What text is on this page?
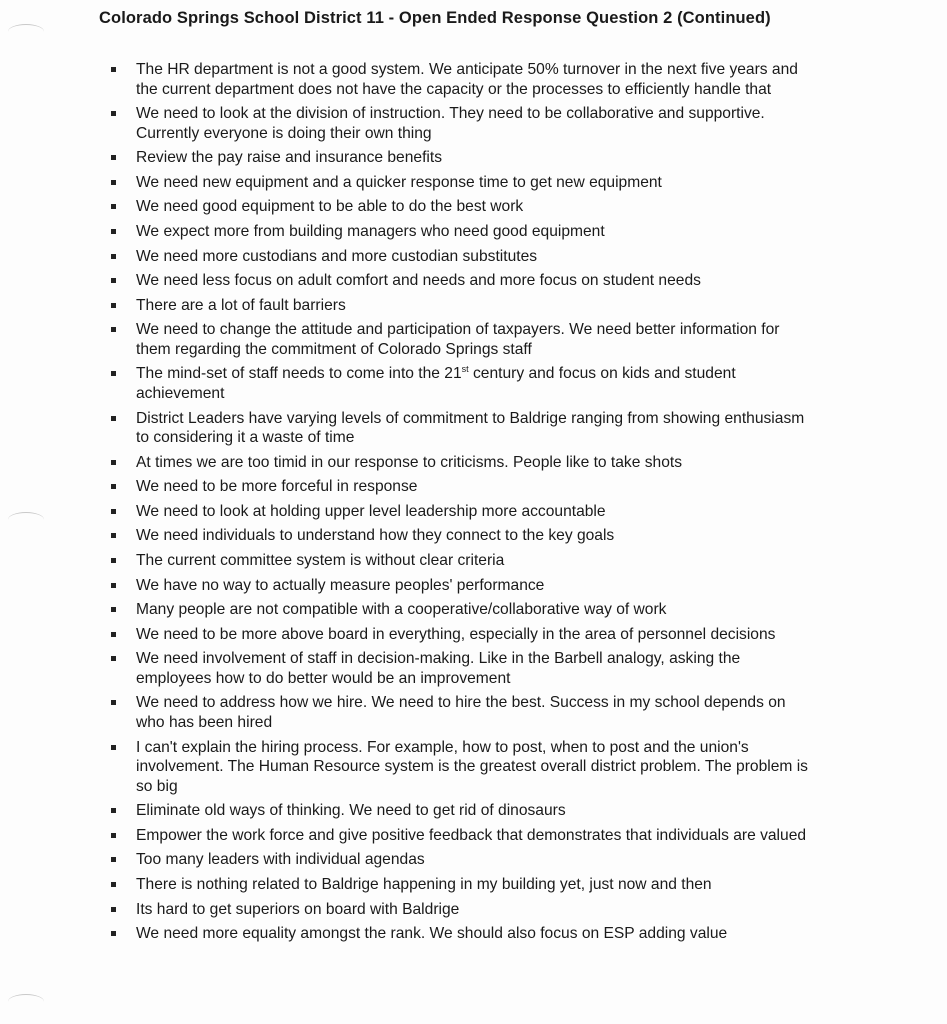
Colorado Springs School District 11 - Open Ended Response Question 2 (Continued)
The HR department is not a good system. We anticipate 50% turnover in the next five years and the current department does not have the capacity or the processes to efficiently handle that
We need to look at the division of instruction. They need to be collaborative and supportive. Currently everyone is doing their own thing
Review the pay raise and insurance benefits
We need new equipment and a quicker response time to get new equipment
We need good equipment to be able to do the best work
We expect more from building managers who need good equipment
We need more custodians and more custodian substitutes
We need less focus on adult comfort and needs and more focus on student needs
There are a lot of fault barriers
We need to change the attitude and participation of taxpayers. We need better information for them regarding the commitment of Colorado Springs staff
The mind-set of staff needs to come into the 21st century and focus on kids and student achievement
District Leaders have varying levels of commitment to Baldrige ranging from showing enthusiasm to considering it a waste of time
At times we are too timid in our response to criticisms. People like to take shots
We need to be more forceful in response
We need to look at holding upper level leadership more accountable
We need individuals to understand how they connect to the key goals
The current committee system is without clear criteria
We have no way to actually measure peoples' performance
Many people are not compatible with a cooperative/collaborative way of work
We need to be more above board in everything, especially in the area of personnel decisions
We need involvement of staff in decision-making. Like in the Barbell analogy, asking the employees how to do better would be an improvement
We need to address how we hire. We need to hire the best. Success in my school depends on who has been hired
I can't explain the hiring process. For example, how to post, when to post and the union's involvement. The Human Resource system is the greatest overall district problem. The problem is so big
Eliminate old ways of thinking. We need to get rid of dinosaurs
Empower the work force and give positive feedback that demonstrates that individuals are valued
Too many leaders with individual agendas
There is nothing related to Baldrige happening in my building yet, just now and then
Its hard to get superiors on board with Baldrige
We need more equality amongst the rank. We should also focus on ESP adding value
